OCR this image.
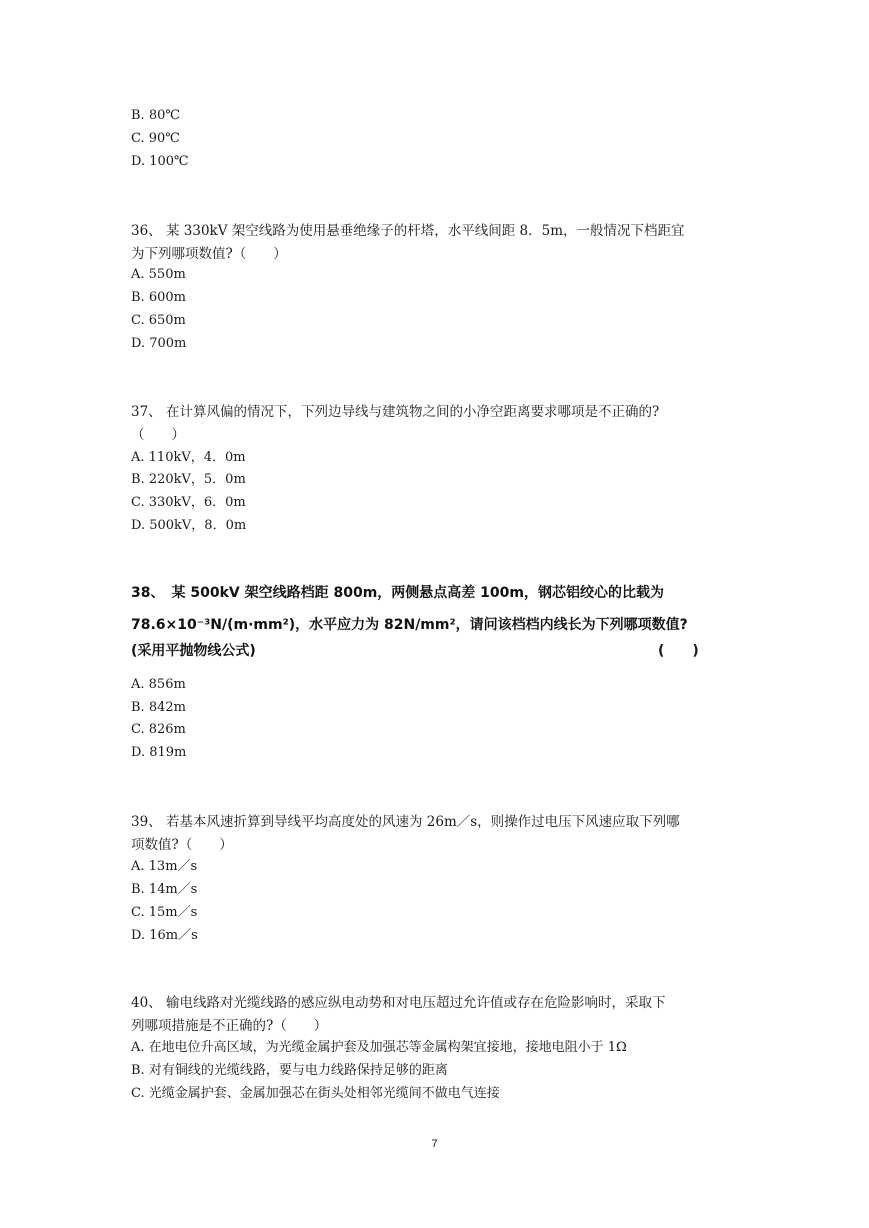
B. 80℃
C. 90℃
D. 100℃
36、 某 330kV 架空线路为使用悬垂绝缘子的杆塔，水平线间距 8．5m，一般情况下档距宜
为下列哪项数值?（　　）
A. 550m
B. 600m
C. 650m
D. 700m
37、 在计算风偏的情况下，下列边导线与建筑物之间的小净空距离要求哪项是不正确的?
（　　）
A. 110kV，4．0m
B. 220kV，5．0m
C. 330kV，6．0m
D. 500kV，8．0m
38、　某 500kV 架空线路档距 800m，两侧悬点高差 100m，钢芯铝绞心的比载为
78.6×10⁻³N/(m·mm²)，水平应力为 82N/mm²，请问该档档内线长为下列哪项数值?
(采用平抛物线公式)	(　　)
A. 856m
B. 842m
C. 826m
D. 819m
39、 若基本风速折算到导线平均高度处的风速为 26m／s，则操作过电压下风速应取下列哪
项数值?（　　）
A. 13m／s
B. 14m／s
C. 15m／s
D. 16m／s
40、 输电线路对光缆线路的感应纵电动势和对电压超过允许值或存在危险影响时，采取下
列哪项措施是不正确的?（　　）
A. 在地电位升高区域，为光缆金属护套及加强芯等金属构架宜接地，接地电阻小于 1Ω
B. 对有铜线的光缆线路，要与电力线路保持足够的距离
C. 光缆金属护套、金属加强芯在街头处相邻光缆间不做电气连接
7
